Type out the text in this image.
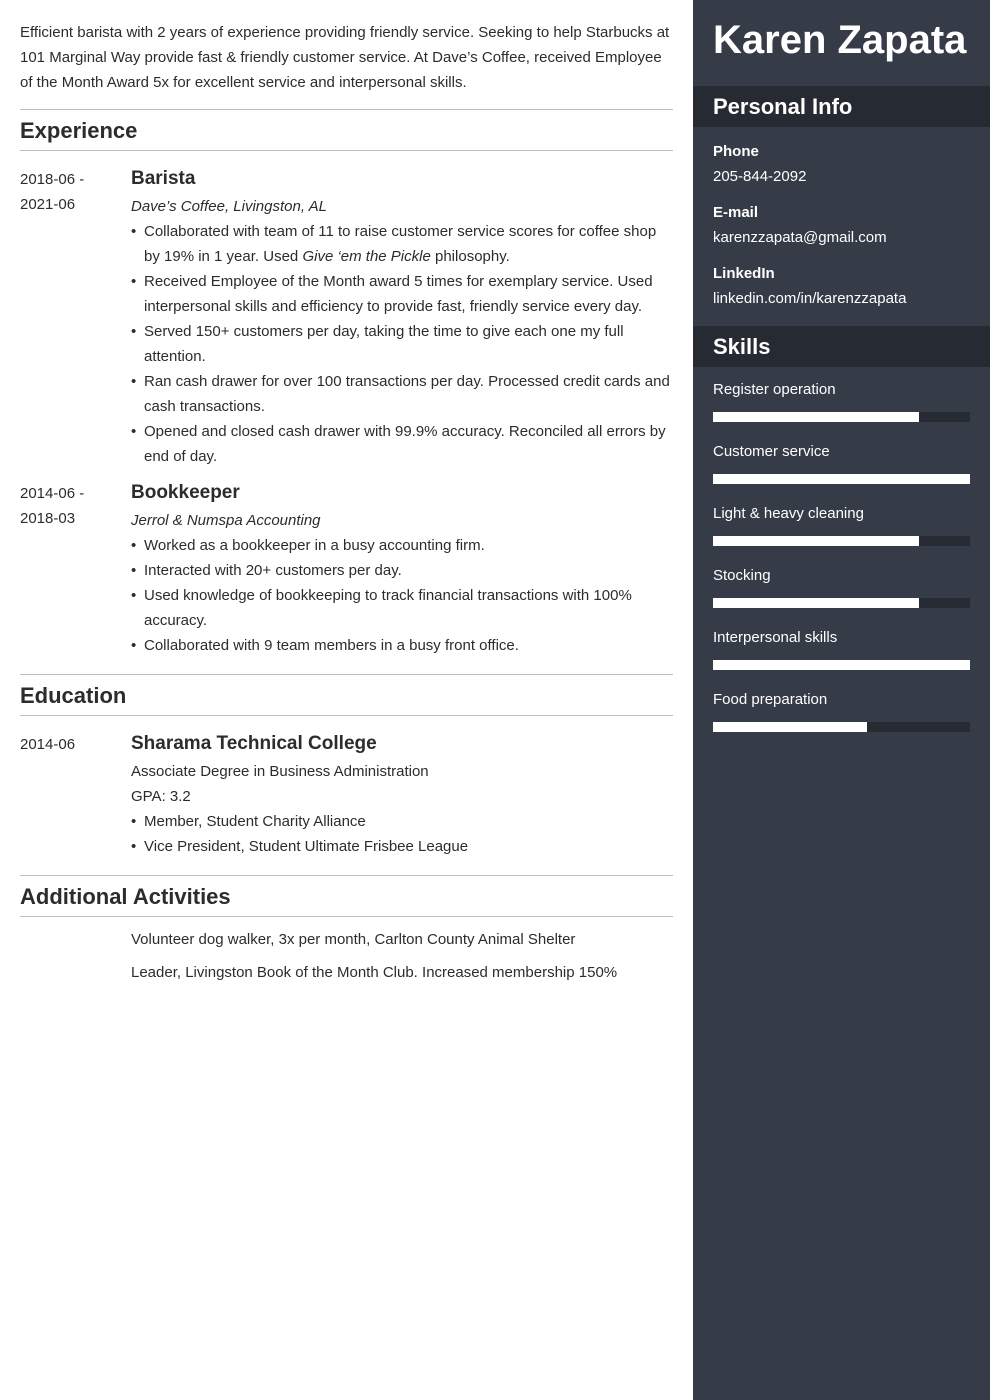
Efficient barista with 2 years of experience providing friendly service. Seeking to help Starbucks at 101 Marginal Way provide fast & friendly customer service. At Dave’s Coffee, received Employee of the Month Award 5x for excellent service and interpersonal skills.

Experience
2018-06 -
2021-06
Barista
Dave’s Coffee, Livingston, AL
• Collaborated with team of 11 to raise customer service scores for coffee shop by 19% in 1 year. Used Give ‘em the Pickle philosophy.
• Received Employee of the Month award 5 times for exemplary service. Used interpersonal skills and efficiency to provide fast, friendly service every day.
• Served 150+ customers per day, taking the time to give each one my full attention.
• Ran cash drawer for over 100 transactions per day. Processed credit cards and cash transactions.
• Opened and closed cash drawer with 99.9% accuracy. Reconciled all errors by end of day.
2014-06 -
2018-03
Bookkeeper
Jerrol & Numspa Accounting
• Worked as a bookkeeper in a busy accounting firm.
• Interacted with 20+ customers per day.
• Used knowledge of bookkeeping to track financial transactions with 100% accuracy.
• Collaborated with 9 team members in a busy front office.
Education
2014-06	Sharama Technical College
Associate Degree in Business Administration
GPA: 3.2
• Member, Student Charity Alliance
• Vice President, Student Ultimate Frisbee League
Additional Activities
Volunteer dog walker, 3x per month, Carlton County Animal Shelter
Leader, Livingston Book of the Month Club. Increased membership 150%
Karen Zapata
Personal Info
Phone
205-844-2092
E-mail
karenzzapata@gmail.com
LinkedIn
linkedin.com/in/karenzzapata
Skills
Register operation
Customer service
Light & heavy cleaning
Stocking
Interpersonal skills
Food preparation
